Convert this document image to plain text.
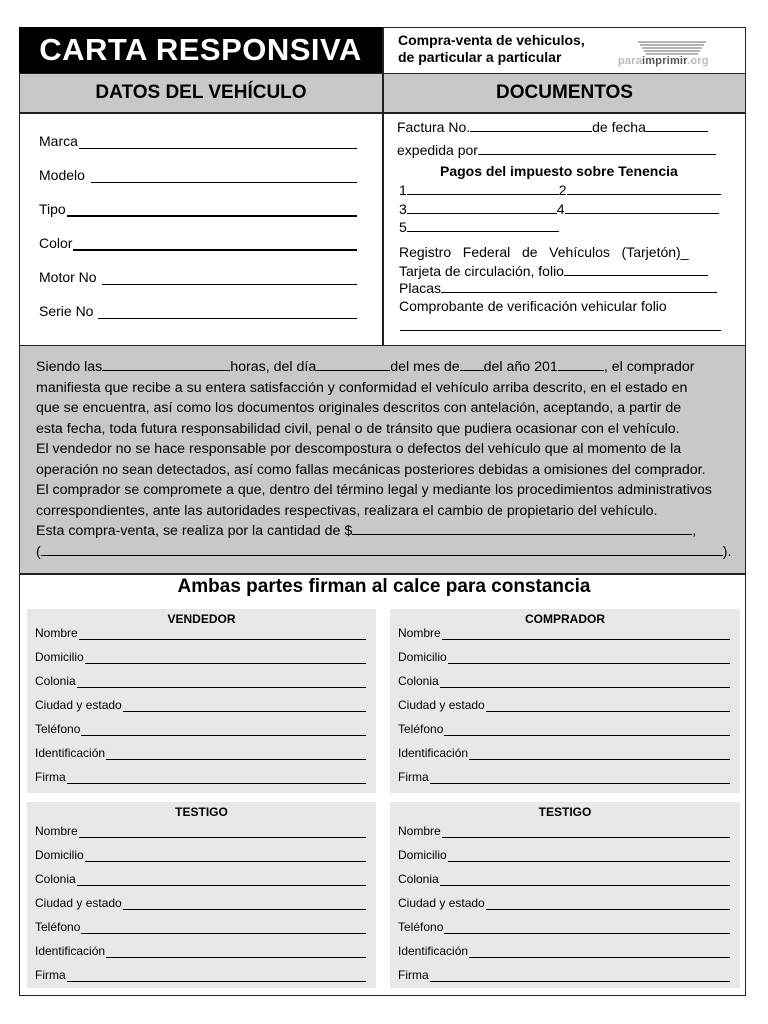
CARTA RESPONSIVA	Compra-venta de vehiculos,
de particular a particular	paraimprimir.org
DATOS DEL VEHÍCULO	DOCUMENTOS
Marca
Modelo
Tipo
Color
Motor No
Serie No
Factura No.	de fecha
expedida por
Pagos del impuesto sobre Tenencia
1	2
3	4
5
Registro   Federal   de   Vehículos   (Tarjetón)_
Tarjeta de circulación, folio
Placas
Comprobante de verificación vehicular folio
Siendo las	horas, del día	del mes de del año 201	, el comprador
manifiesta que recibe a su entera satisfacción y conformidad el vehículo arriba descrito, en el estado en
que se encuentra, así como los documentos originales descritos con antelación, aceptando, a partir de
esta fecha, toda futura responsabilidad civil, penal o de tránsito que pudiera ocasionar con el vehículo.
El vendedor no se hace responsable por descompostura o defectos del vehículo que al momento de la
operación no sean detectados, así como fallas mecánicas posteriores debidas a omisiones del comprador.
El comprador se compromete a que, dentro del término legal y mediante los procedimientos administrativos
correspondientes, ante las autoridades respectivas, realizara el cambio de propietario del vehículo.
Esta compra-venta, se realiza por la cantidad de $	,
(	).
Ambas partes firman al calce para constancia
VENDEDOR
Nombre
Domicilio
Colonia
Ciudad y estado
Teléfono
Identificación
Firma
COMPRADOR
Nombre
Domicilio
Colonia
Ciudad y estado
Teléfono
Identificación
Firma
TESTIGO
Nombre
Domicilio
Colonia
Ciudad y estado
Teléfono
Identificación
Firma
TESTIGO
Nombre
Domicilio
Colonia
Ciudad y estado
Teléfono
Identificación
Firma
